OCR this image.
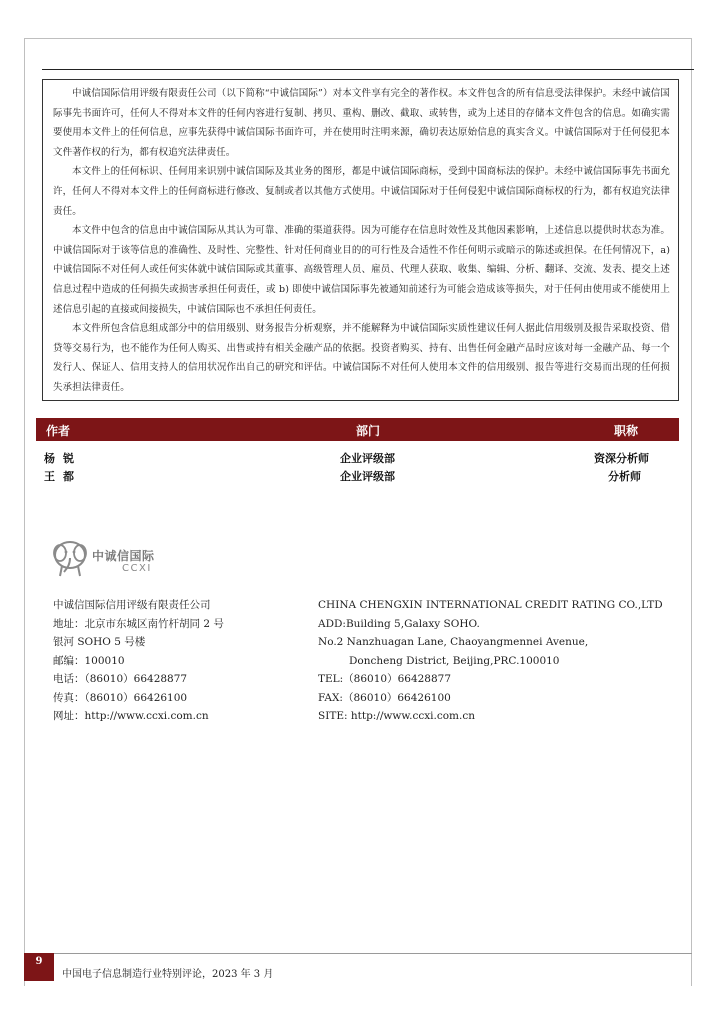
中诚信国际信用评级有限责任公司（以下简称“中诚信国际”）对本文件享有完全的著作权。本文件包含的所有信息受法律保护。未经中诚信国际事先书面许可，任何人不得对本文件的任何内容进行复制、拷贝、重构、删改、截取、或转售，或为上述目的存储本文件包含的信息。如确实需要使用本文件上的任何信息，应事先获得中诚信国际书面许可，并在使用时注明来源，确切表达原始信息的真实含义。中诚信国际对于任何侵犯本文件著作权的行为，都有权追究法律责任。

本文件上的任何标识、任何用来识别中诚信国际及其业务的图形，都是中诚信国际商标，受到中国商标法的保护。未经中诚信国际事先书面允许，任何人不得对本文件上的任何商标进行修改、复制或者以其他方式使用。中诚信国际对于任何侵犯中诚信国际商标权的行为，都有权追究法律责任。

本文件中包含的信息由中诚信国际从其认为可靠、准确的渠道获得。因为可能存在信息时效性及其他因素影响，上述信息以提供时状态为准。中诚信国际对于该等信息的准确性、及时性、完整性、针对任何商业目的的可行性及合适性不作任何明示或暗示的陈述或担保。在任何情况下，a) 中诚信国际不对任何人或任何实体就中诚信国际或其董事、高级管理人员、雇员、代理人获取、收集、编辑、分析、翻译、交流、发表、提交上述信息过程中造成的任何损失或损害承担任何责任，或 b) 即使中诚信国际事先被通知前述行为可能会造成该等损失，对于任何由使用或不能使用上述信息引起的直接或间接损失，中诚信国际也不承担任何责任。

本文件所包含信息组成部分中的信用级别、财务报告分析观察，并不能解释为中诚信国际实质性建议任何人据此信用级别及报告采取投资、借贷等交易行为，也不能作为任何人购买、出售或持有相关金融产品的依据。投资者购买、持有、出售任何金融产品时应该对每一金融产品、每一个发行人、保证人、信用支持人的信用状况作出自己的研究和评估。中诚信国际不对任何人使用本文件的信用级别、报告等进行交易而出现的任何损失承担法律责任。

作者	部门	职称
杨锐	企业评级部	资深分析师
王都	企业评级部	分析师
中诚信国际
CCXI
中诚信国际信用评级有限责任公司
地址：北京市东城区南竹杆胡同 2 号
银河 SOHO 5 号楼
邮编：100010
电话：（86010）66428877
传真：（86010）66426100
网址：http://www.ccxi.com.cn
CHINA CHENGXIN INTERNATIONAL CREDIT RATING CO.,LTD
ADD:Building 5,Galaxy SOHO.
No.2 Nanzhuagan Lane, Chaoyangmennei Avenue,
Doncheng District, Beijing,PRC.100010
TEL:（86010）66428877
FAX:（86010）66426100
SITE: http://www.ccxi.com.cn
9
中国电子信息制造行业特别评论，2023 年 3 月
